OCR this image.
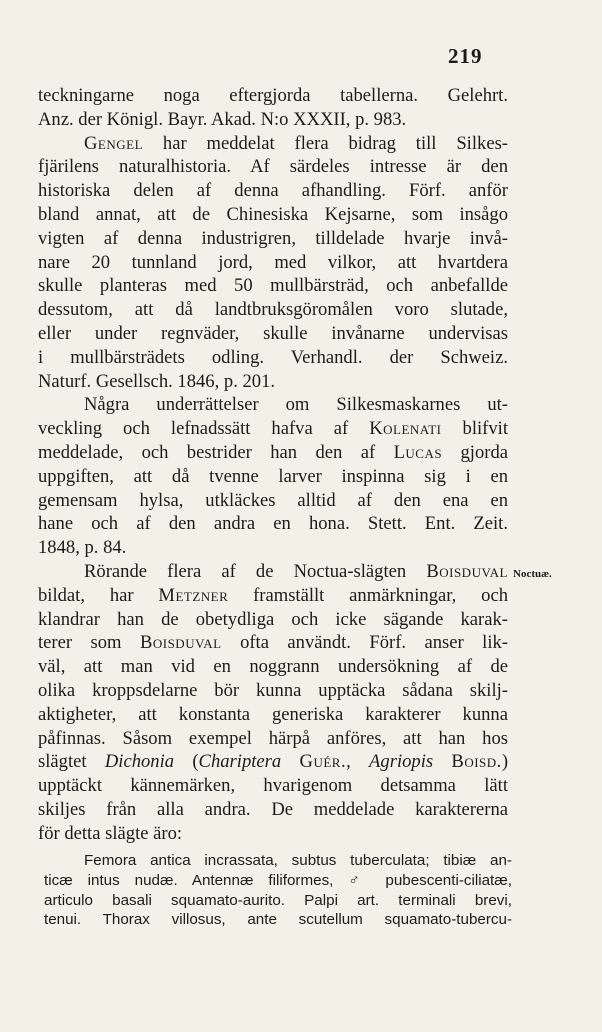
219
teckningarne noga eftergjorda tabellerna. Gelehrt.
Anz. der Königl. Bayr. Akad. N:o XXXII, p. 983.
Gengel har meddelat flera bidrag till Silkes-
fjärilens naturalhistoria. Af särdeles intresse är den
historiska delen af denna afhandling. Förf. anför
bland annat, att de Chinesiska Kejsarne, som insågo
vigten af denna industrigren, tilldelade hvarje invå-
nare 20 tunnland jord, med vilkor, att hvartdera
skulle planteras med 50 mullbärsträd, och anbefallde
dessutom, att då landtbruksgöromålen voro slutade,
eller under regnväder, skulle invånarne undervisas
i mullbärsträdets odling. Verhandl. der Schweiz.
Naturf. Gesellsch. 1846, p. 201.
Några underrättelser om Silkesmaskarnes ut-
veckling och lefnadssätt hafva af Kolenati blifvit
meddelade, och bestrider han den af Lucas gjorda
uppgiften, att då tvenne larver inspinna sig i en
gemensam hylsa, utkläckes alltid af den ena en
hane och af den andra en hona. Stett. Ent. Zeit.
1848, p. 84.
Rörande flera af de Noctua-slägten Boisduval
bildat, har Metzner framställt anmärkningar, och
klandrar han de obetydliga och icke sägande karak-
terer som Boisduval ofta användt. Förf. anser lik-
väl, att man vid en noggrann undersökning af de
olika kroppsdelarne bör kunna upptäcka sådana skilj-
aktigheter, att konstanta generiska karakterer kunna
påfinnas. Såsom exempel härpå anföres, att han hos
slägtet Dichonia (Chariptera Guér., Agriopis Boisd.)
upptäckt kännemärken, hvarigenom detsamma lätt
skiljes från alla andra. De meddelade karaktererna
för detta slägte äro:
Noctuæ.
Femora antica incrassata, subtus tuberculata; tibiæ an-
ticæ intus nudæ. Antennæ filiformes, ♂ pubescenti-ciliatæ,
articulo basali squamato-aurito. Palpi art. terminali brevi,
tenui. Thorax villosus, ante scutellum squamato-tubercu-
